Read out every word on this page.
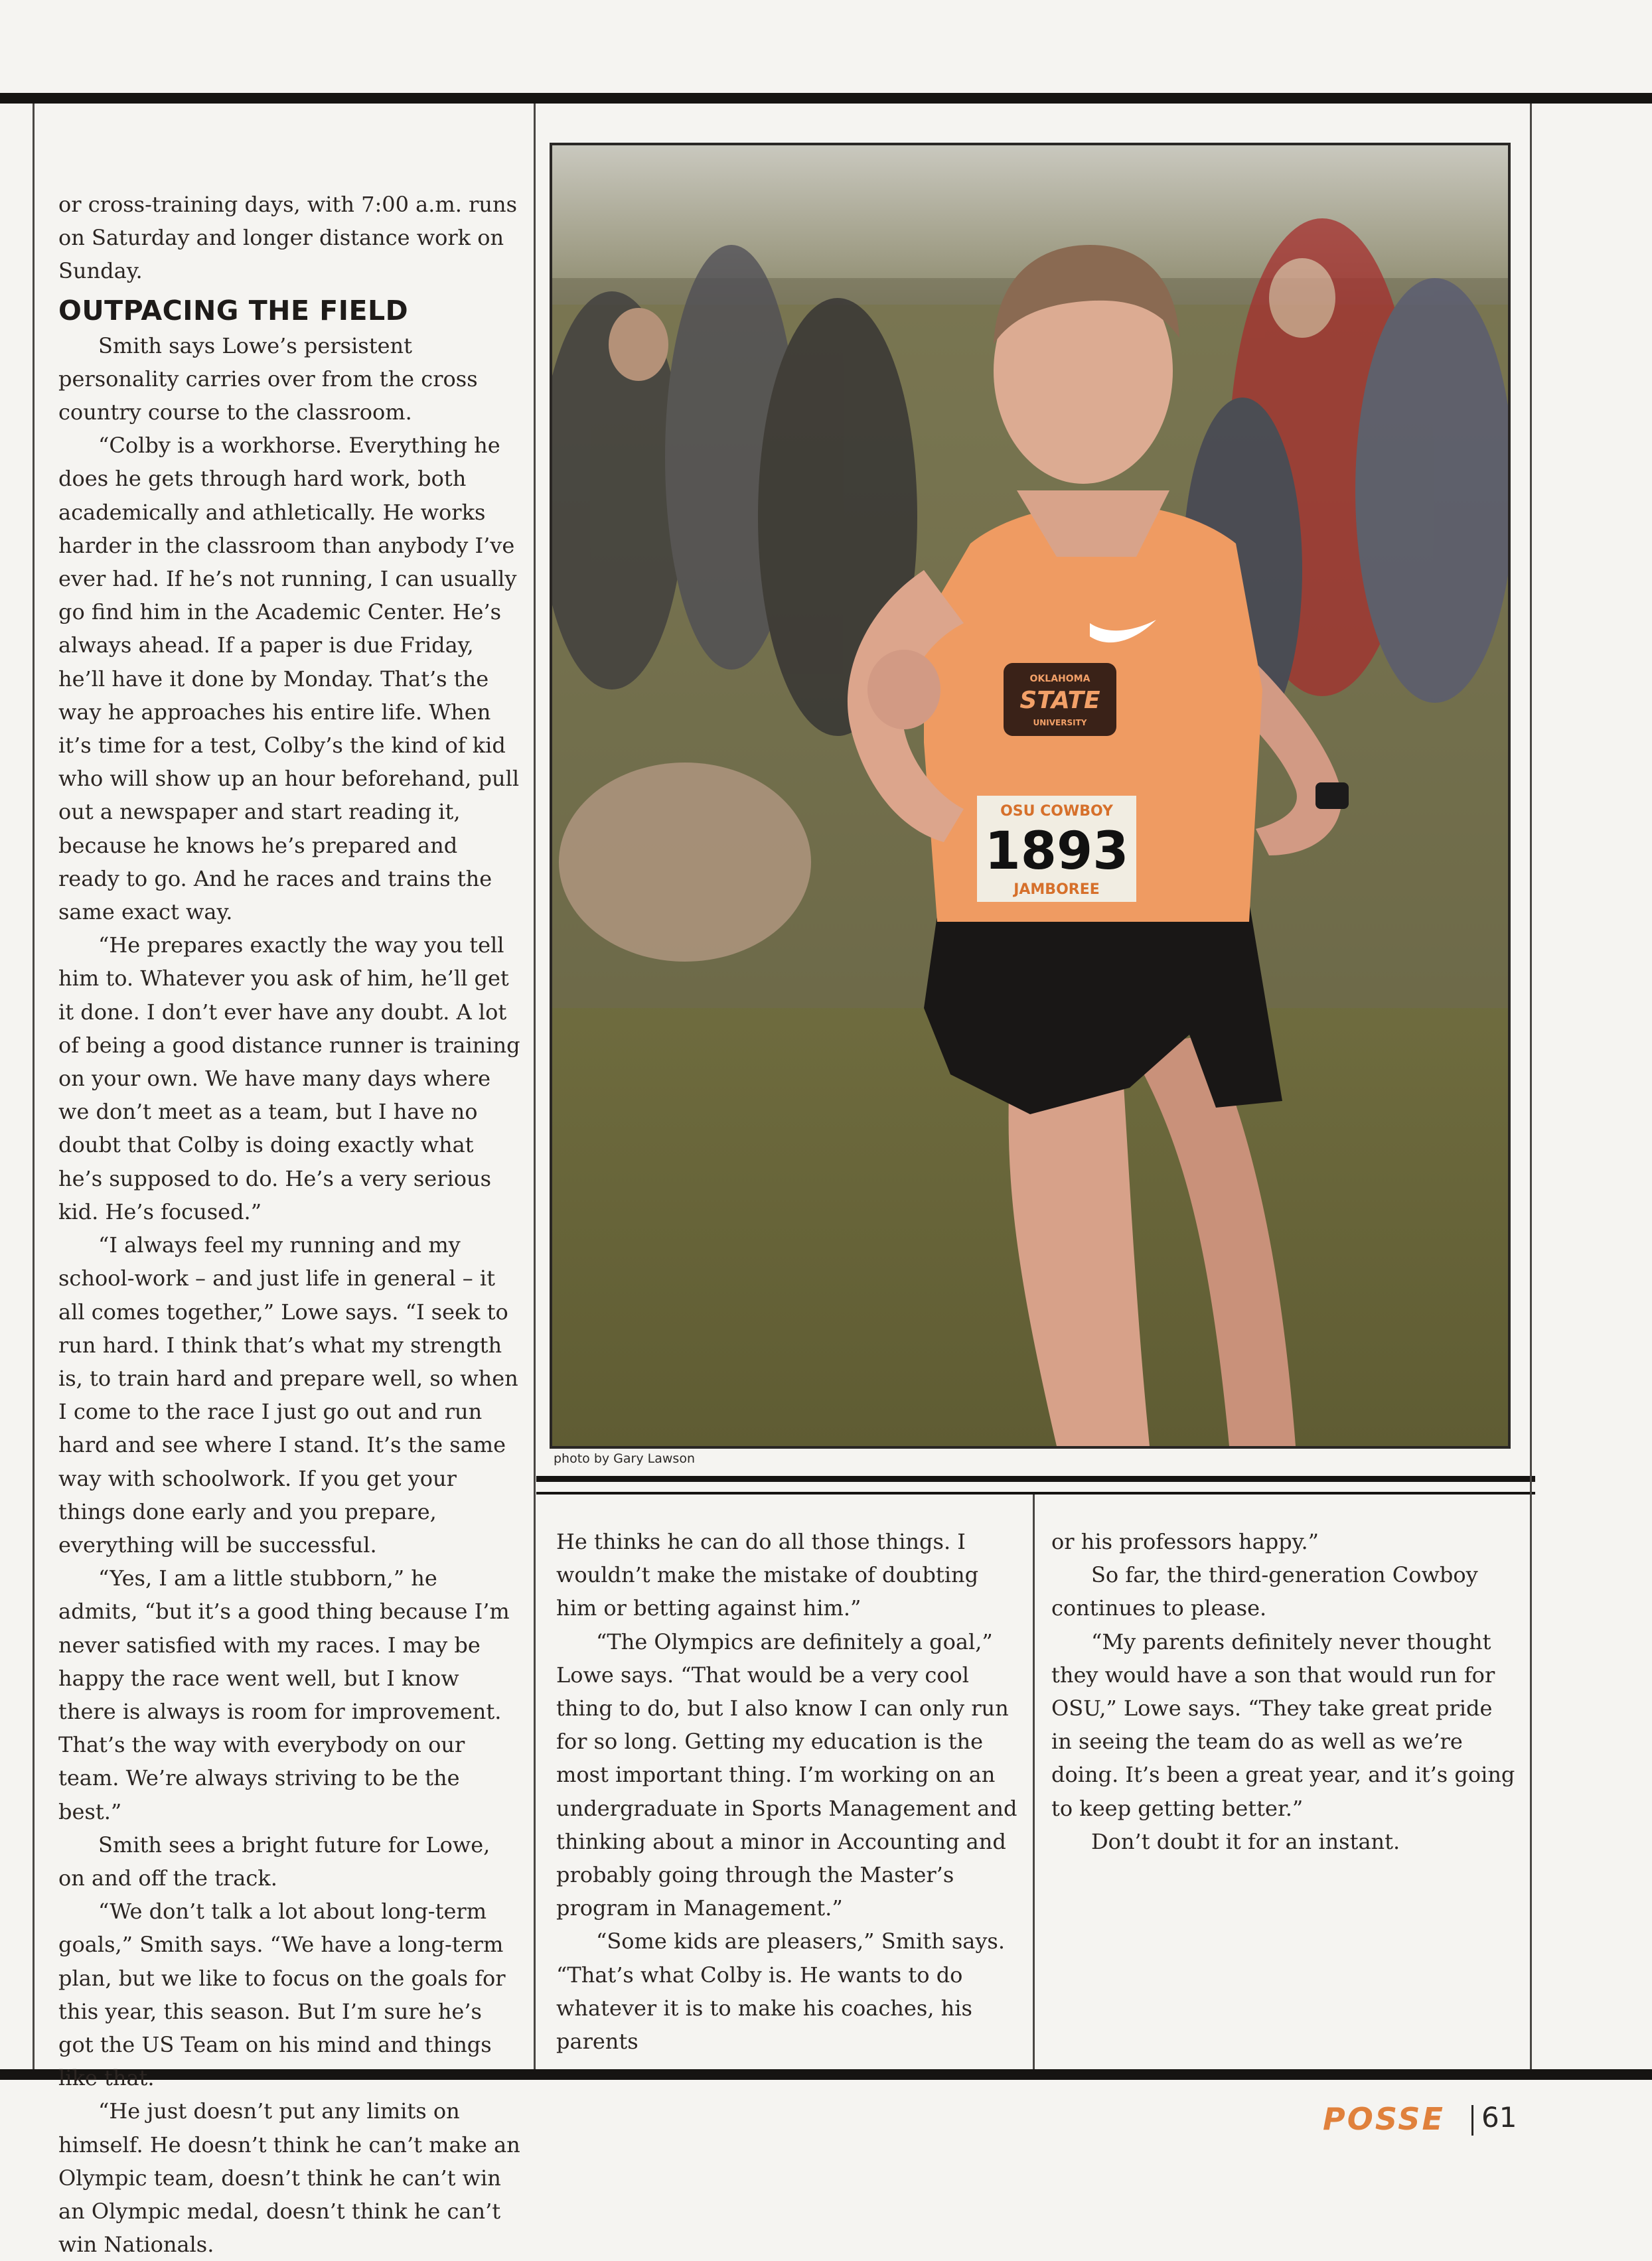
or cross-training days, with 7:00 a.m. runs on Saturday and longer distance work on Sunday.

OUTPACING THE FIELD

Smith says Lowe’s persistent personality carries over from the cross country course to the classroom.

“Colby is a workhorse. Everything he does he gets through hard work, both academically and athletically. He works harder in the classroom than anybody I’ve ever had. If he’s not running, I can usually go find him in the Academic Center. He’s always ahead. If a paper is due Friday, he’ll have it done by Monday. That’s the way he approaches his entire life. When it’s time for a test, Colby’s the kind of kid who will show up an hour beforehand, pull out a newspaper and start reading it, because he knows he’s prepared and ready to go. And he races and trains the same exact way.

“He prepares exactly the way you tell him to. Whatever you ask of him, he’ll get it done. I don’t ever have any doubt. A lot of being a good distance runner is training on your own. We have many days where we don’t meet as a team, but I have no doubt that Colby is doing exactly what he’s supposed to do. He’s a very serious kid. He’s focused.”

“I always feel my running and my school-work – and just life in general – it all comes together,” Lowe says. “I seek to run hard. I think that’s what my strength is, to train hard and prepare well, so when I come to the race I just go out and run hard and see where I stand. It’s the same way with schoolwork. If you get your things done early and you prepare, everything will be successful.

“Yes, I am a little stubborn,” he admits, “but it’s a good thing because I’m never satisfied with my races. I may be happy the race went well, but I know there is always is room for improvement. That’s the way with everybody on our team. We’re always striving to be the best.”

Smith sees a bright future for Lowe, on and off the track.

“We don’t talk a lot about long-term goals,” Smith says. “We have a long-term plan, but we like to focus on the goals for this year, this season. But I’m sure he’s got the US Team on his mind and things like that.

“He just doesn’t put any limits on himself. He doesn’t think he can’t make an Olympic team, doesn’t think he can’t win an Olympic medal, doesn’t think he can’t win Nationals.

OKLAHOMA
STATE
UNIVERSITY
OSU COWBOY
1893
JAMBOREE
photo by Gary Lawson

He thinks he can do all those things. I wouldn’t make the mistake of doubting him or betting against him.”

“The Olympics are definitely a goal,” Lowe says. “That would be a very cool thing to do, but I also know I can only run for so long. Getting my education is the most important thing. I’m working on an undergraduate in Sports Management and thinking about a minor in Accounting and probably going through the Master’s program in Management.”

“Some kids are pleasers,” Smith says. “That’s what Colby is. He wants to do whatever it is to make his coaches, his parents

or his professors happy.”

So far, the third-generation Cowboy continues to please.

“My parents definitely never thought they would have a son that would run for OSU,” Lowe says. “They take great pride in seeing the team do as well as we’re doing. It’s been a great year, and it’s going to keep getting better.”

Don’t doubt it for an instant.

POSSE 61
